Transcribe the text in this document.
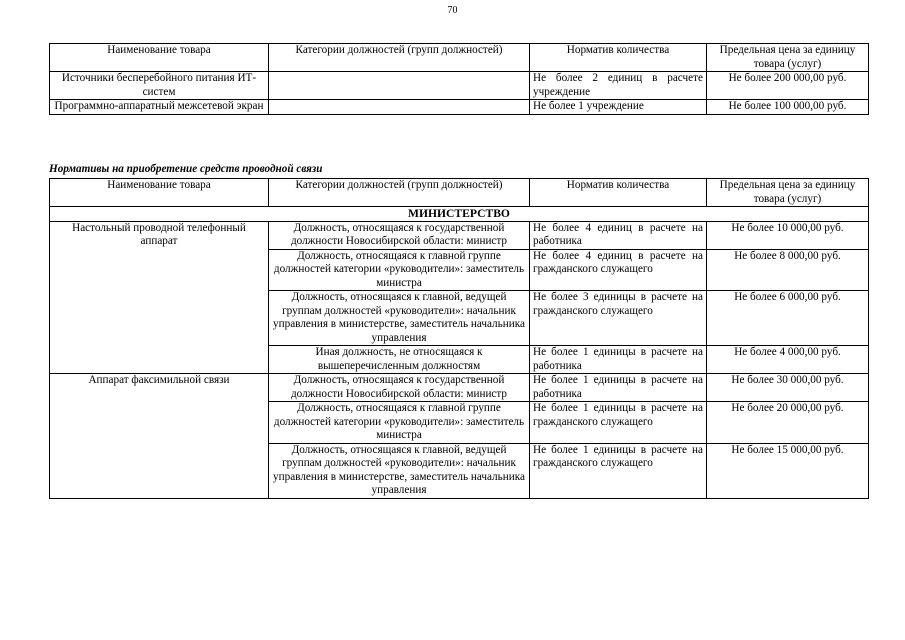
70
Наименование товара	Категории должностей (групп должностей)	Норматив количества	Предельная цена за единицу товара (услуг)
Источники бесперебойного питания ИТ-систем		Не более 2 единиц в расчете учреждение	Не более 200 000,00 руб.
Программно-аппаратный межсетевой экран		Не более 1 учреждение	Не более 100 000,00 руб.
Нормативы на приобретение средств проводной связи
Наименование товара	Категории должностей (групп должностей)	Норматив количества	Предельная цена за единицу товара (услуг)
МИНИСТЕРСТВО			
Настольный проводной телефонный аппарат	Должность, относящаяся к государственной должности Новосибирской области: министр	Не более 4 единиц в расчете на работника	Не более 10 000,00 руб.
	Должность, относящаяся к главной группе должностей категории «руководители»: заместитель министра	Не более 4 единиц в расчете на гражданского служащего	Не более 8 000,00 руб.
	Должность, относящаяся к главной, ведущей группам должностей «руководители»: начальник управления в министерстве, заместитель начальника управления	Не более 3 единицы в расчете на гражданского служащего	Не более 6 000,00 руб.
	Иная должность, не относящаяся к вышеперечисленным должностям	Не более 1 единицы в расчете на работника	Не более 4 000,00 руб.
Аппарат факсимильной связи	Должность, относящаяся к государственной должности Новосибирской области: министр	Не более 1 единицы в расчете на работника	Не более 30 000,00 руб.
	Должность, относящаяся к главной группе должностей категории «руководители»: заместитель министра	Не более 1 единицы в расчете на гражданского служащего	Не более 20 000,00 руб.
	Должность, относящаяся к главной, ведущей группам должностей «руководители»: начальник управления в министерстве, заместитель начальника управления	Не более 1 единицы в расчете на гражданского служащего	Не более 15 000,00 руб.
